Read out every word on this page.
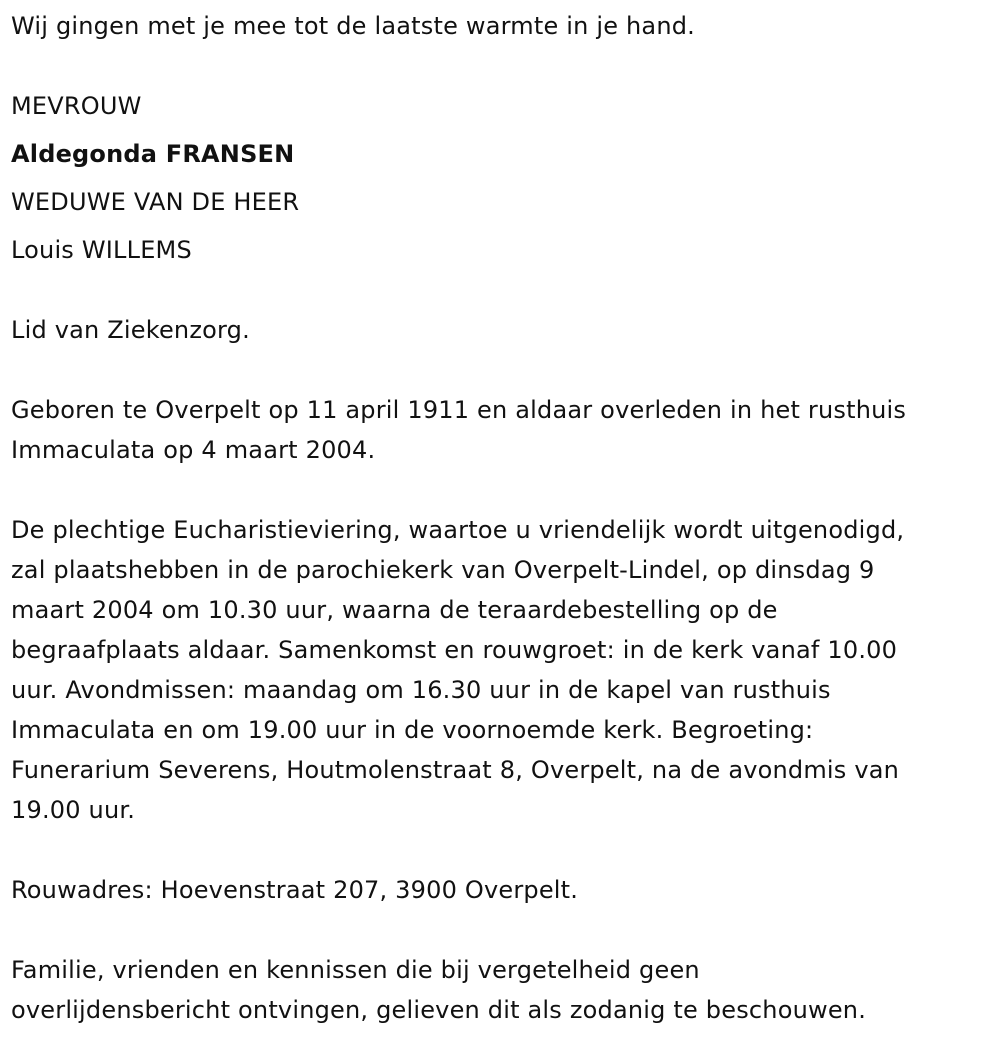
Wij gingen met je mee tot de laatste warmte in je hand.
MEVROUW
Aldegonda FRANSEN
WEDUWE VAN DE HEER
Louis WILLEMS
Lid van Ziekenzorg.
Geboren te Overpelt op 11 april 1911 en aldaar overleden in het rusthuis
Immaculata op 4 maart 2004.
De plechtige Eucharistieviering, waartoe u vriendelijk wordt uitgenodigd,
zal plaatshebben in de parochiekerk van Overpelt-Lindel, op dinsdag 9
maart 2004 om 10.30 uur, waarna de teraardebestelling op de
begraafplaats aldaar. Samenkomst en rouwgroet: in de kerk vanaf 10.00
uur. Avondmissen: maandag om 16.30 uur in de kapel van rusthuis
Immaculata en om 19.00 uur in de voornoemde kerk. Begroeting:
Funerarium Severens, Houtmolenstraat 8, Overpelt, na de avondmis van
19.00 uur.
Rouwadres: Hoevenstraat 207, 3900 Overpelt.
Familie, vrienden en kennissen die bij vergetelheid geen
overlijdensbericht ontvingen, gelieven dit als zodanig te beschouwen.
